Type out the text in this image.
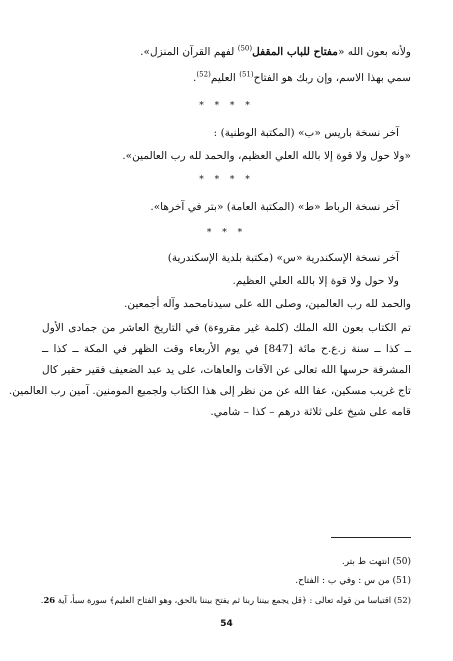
ولأنه بعون الله «مفتاح للباب المقفل$^{(50)}$ لفهم القرآن المنزل».
سمي بهذا الاسم، وإن ربك هو الفتاح$^{(51)}$ العليم$^{(52)}$.
* * * *
آخر نسخة باريس «ب» (المكتبة الوطنية) :
«ولا حول ولا قوة إلا بالله العلي العظيم، والحمد لله رب العالمين».
* * * *
آخر نسخة الرباط «ط» (المكتبة العامة) «بتر في آخرها».
* * *
آخر نسخة الإسكندرية «س» (مكتبة بلدية الإسكندرية)
ولا حول ولا قوة إلا بالله العلي العظيم.
والحمد لله رب العالمين، وصلى الله على سيدنامحمد وآله أجمعين.
تم الكتاب بعون الله الملك (كلمة غير مقروءة) في التاريخ العاشر من جمادى الأول
ــ كذا ــ سنة ز.ع.ح مائة [847] في يوم الأربعاء وقت الظهر في المكة ــ كذا ــ
المشرفة حرسها الله تعالى عن الآفات والعاهات، على يد عبد الضعيف فقير حقير كال
تاج غريب مسكين، عفا الله عن من نظر إلى هذا الكتاب ولجميع المومنين. آمين رب العالمين.
قامه على شيخ على ثلاثة درهم – كذا – شامي.
(50) انتهت ط بتر.
(51) من س : وفي ب : الفتاح.
(52) اقتباسا من قوله تعالى : ﴿قل يجمع بيننا ربنا ثم يفتح بيننا بالحق، وهو الفتاح العليم﴾ سورة سبأ، آية 26.
54
